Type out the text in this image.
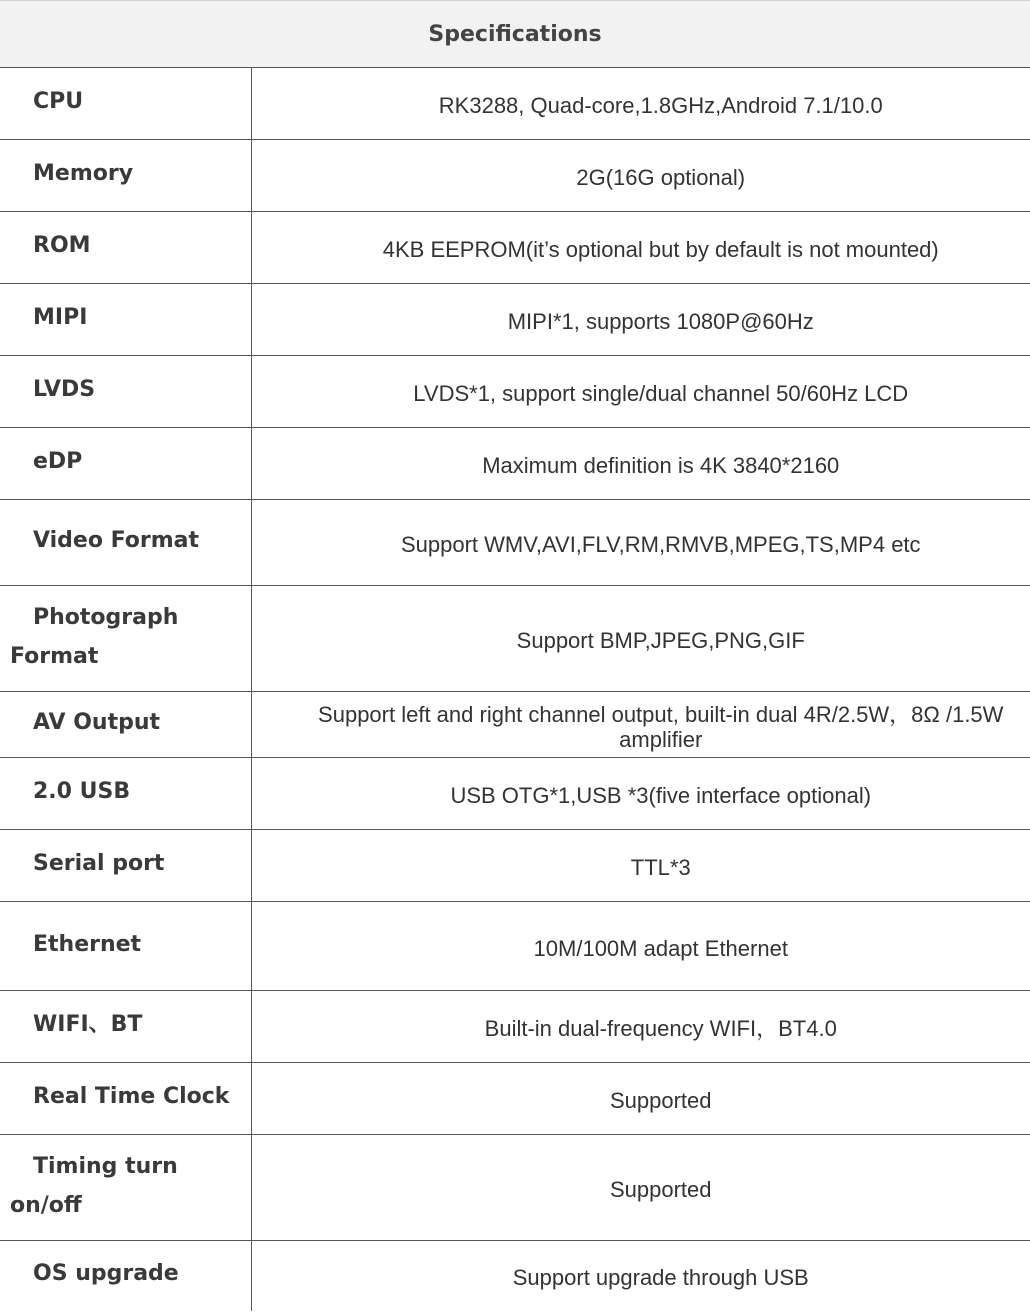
Specifications	
CPU	RK3288, Quad-core,1.8GHz,Android 7.1/10.0
Memory	2G(16G optional)
ROM	4KB EEPROM(it’s optional but by default is not mounted)
MIPI	MIPI*1, supports 1080P@60Hz
LVDS	LVDS*1, support single/dual channel 50/60Hz LCD
eDP	Maximum definition is 4K 3840*2160
Video Format	Support WMV,AVI,FLV,RM,RMVB,MPEG,TS,MP4 etc
Photograph Format	Support BMP,JPEG,PNG,GIF
AV Output	Support left and right channel output, built-in dual 4R/2.5W，8Ω /1.5W amplifier
2.0 USB	USB OTG*1,USB *3(five interface optional)
Serial port	TTL*3
Ethernet	10M/100M adapt Ethernet
WIFI、BT	Built-in dual-frequency WIFI，BT4.0
Real Time Clock	Supported
Timing turn on/off	Supported
OS upgrade	Support upgrade through USB
